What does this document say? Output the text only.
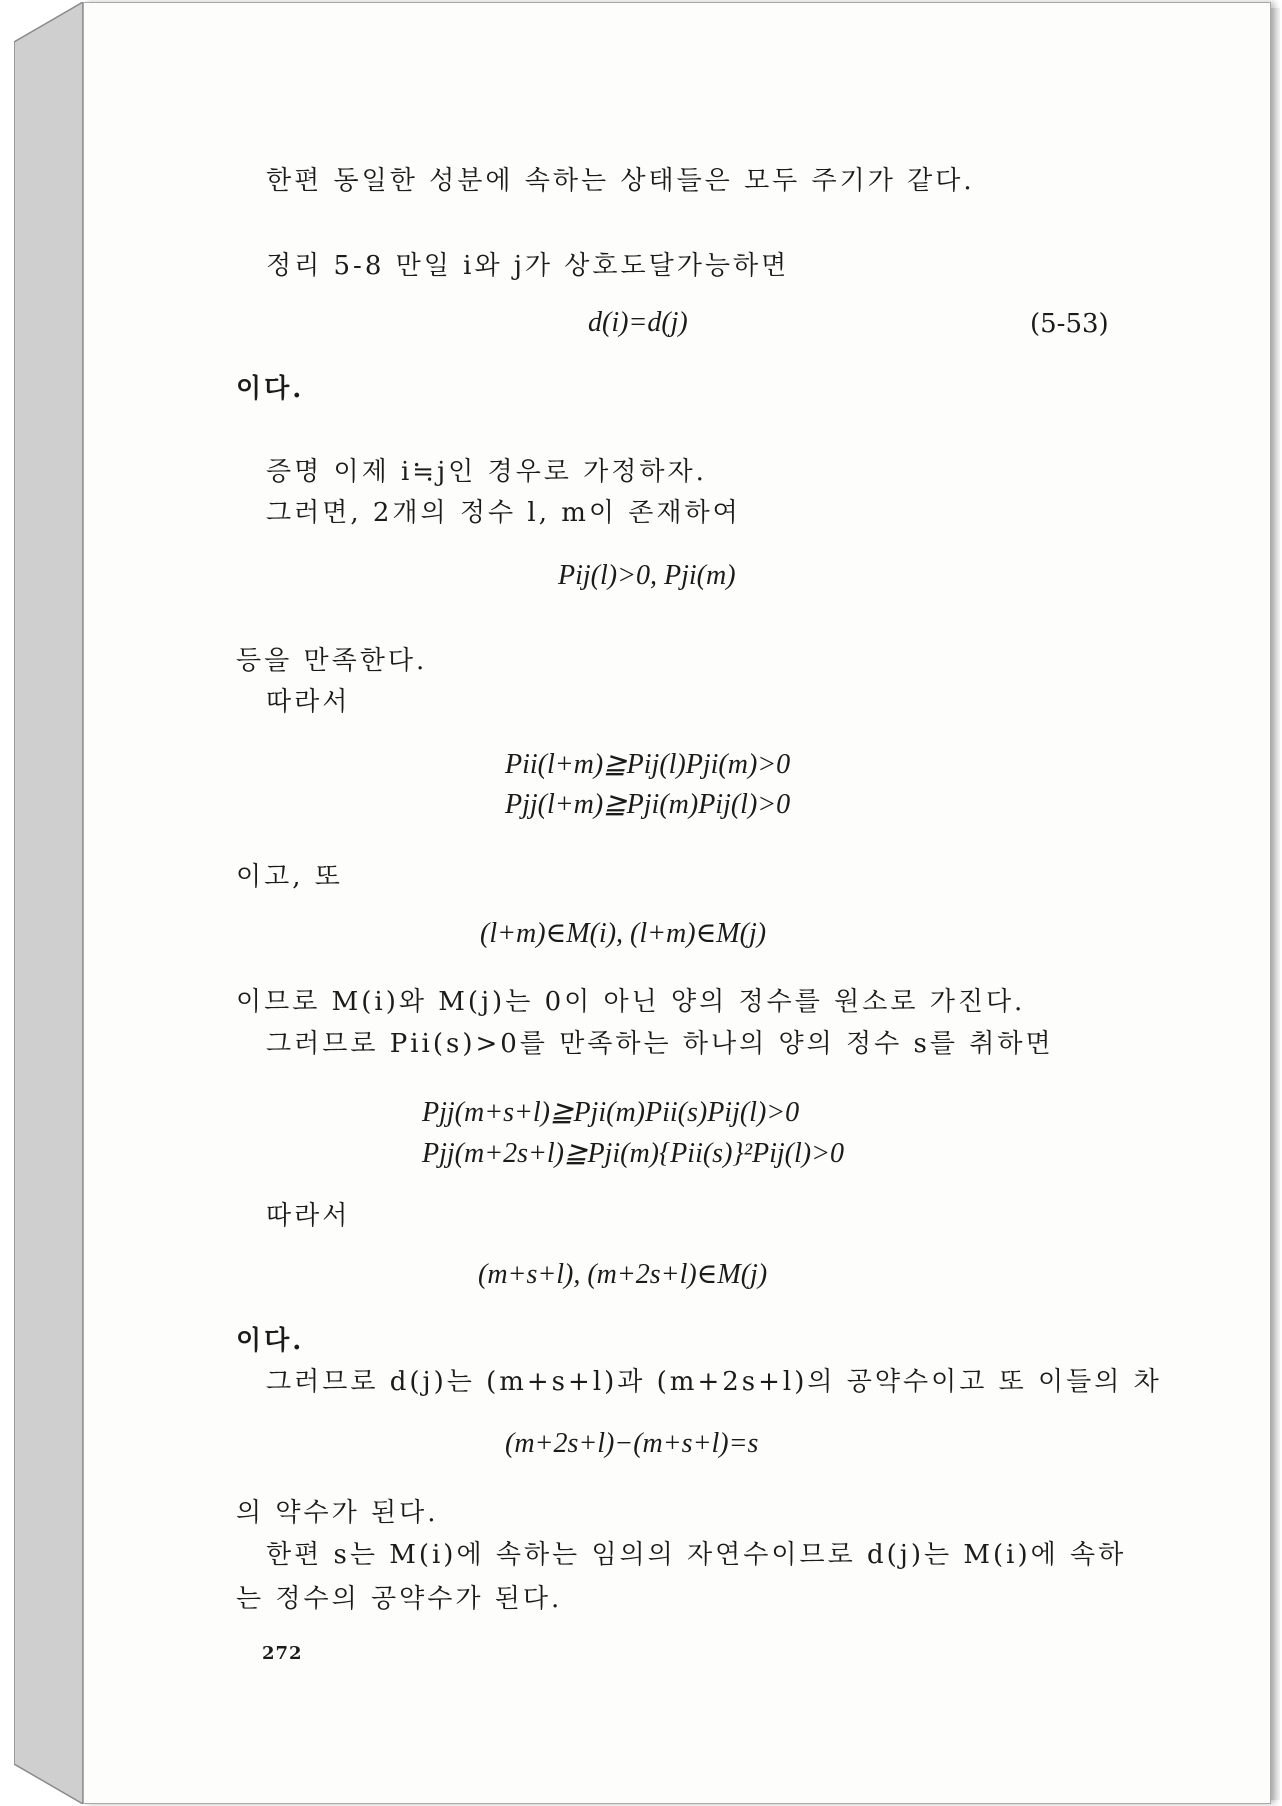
한편 동일한 성분에 속하는 상태들은 모두 주기가 같다.
정리 5-8 만일 i와 j가 상호도달가능하면
d(i)=d(j)	(5-53)
이다.
증명 이제 i≒j인 경우로 가정하자.
그러면, 2개의 정수 l, m이 존재하여
Pij(l)>0, Pji(m)
등을 만족한다.
따라서
Pii(l+m)≧Pij(l)Pji(m)>0
Pjj(l+m)≧Pji(m)Pij(l)>0
이고, 또
(l+m)∈M(i), (l+m)∈M(j)
이므로 M(i)와 M(j)는 0이 아닌 양의 정수를 원소로 가진다.
그러므로 Pii(s)>0를 만족하는 하나의 양의 정수 s를 취하면
Pjj(m+s+l)≧Pji(m)Pii(s)Pij(l)>0
Pjj(m+2s+l)≧Pji(m){Pii(s)}²Pij(l)>0
따라서
(m+s+l), (m+2s+l)∈M(j)
이다.
그러므로 d(j)는 (m+s+l)과 (m+2s+l)의 공약수이고 또 이들의 차
(m+2s+l)−(m+s+l)=s
의 약수가 된다.
한편 s는 M(i)에 속하는 임의의 자연수이므로 d(j)는 M(i)에 속하
는 정수의 공약수가 된다.
272
